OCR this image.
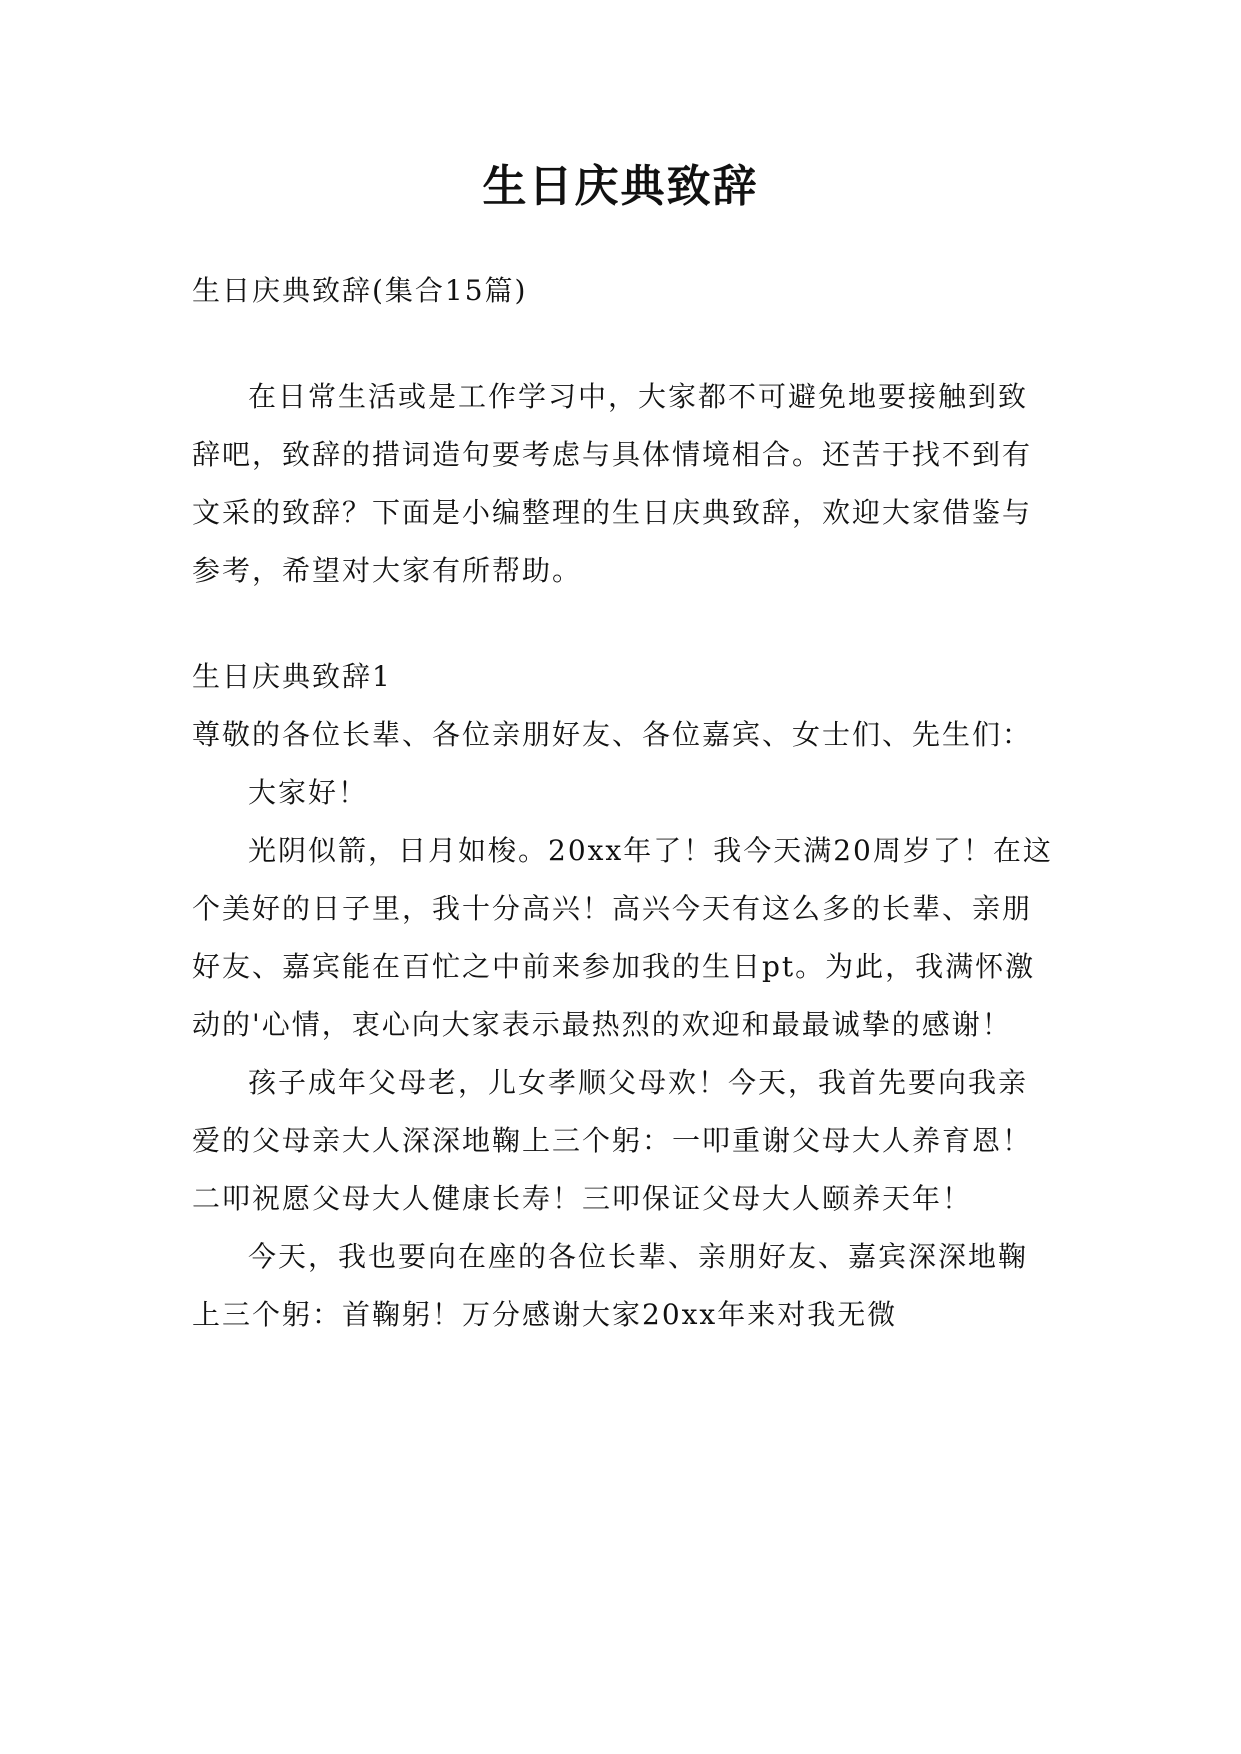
生日庆典致辞

生日庆典致辞(集合15篇)

在日常生活或是工作学习中，大家都不可避免地要接触到致辞吧，致辞的措词造句要考虑与具体情境相合。还苦于找不到有文采的致辞？下面是小编整理的生日庆典致辞，欢迎大家借鉴与参考，希望对大家有所帮助。

生日庆典致辞1

尊敬的各位长辈、各位亲朋好友、各位嘉宾、女士们、先生们：

大家好！

光阴似箭，日月如梭。20xx年了！我今天满20周岁了！在这个美好的日子里，我十分高兴！高兴今天有这么多的长辈、亲朋好友、嘉宾能在百忙之中前来参加我的生日pt。为此，我满怀激动的'心情，衷心向大家表示最热烈的欢迎和最最诚挚的感谢！

孩子成年父母老，儿女孝顺父母欢！今天，我首先要向我亲爱的父母亲大人深深地鞠上三个躬：一叩重谢父母大人养育恩！二叩祝愿父母大人健康长寿！三叩保证父母大人颐养天年！

今天，我也要向在座的各位长辈、亲朋好友、嘉宾深深地鞠上三个躬：首鞠躬！万分感谢大家20xx年来对我无微
